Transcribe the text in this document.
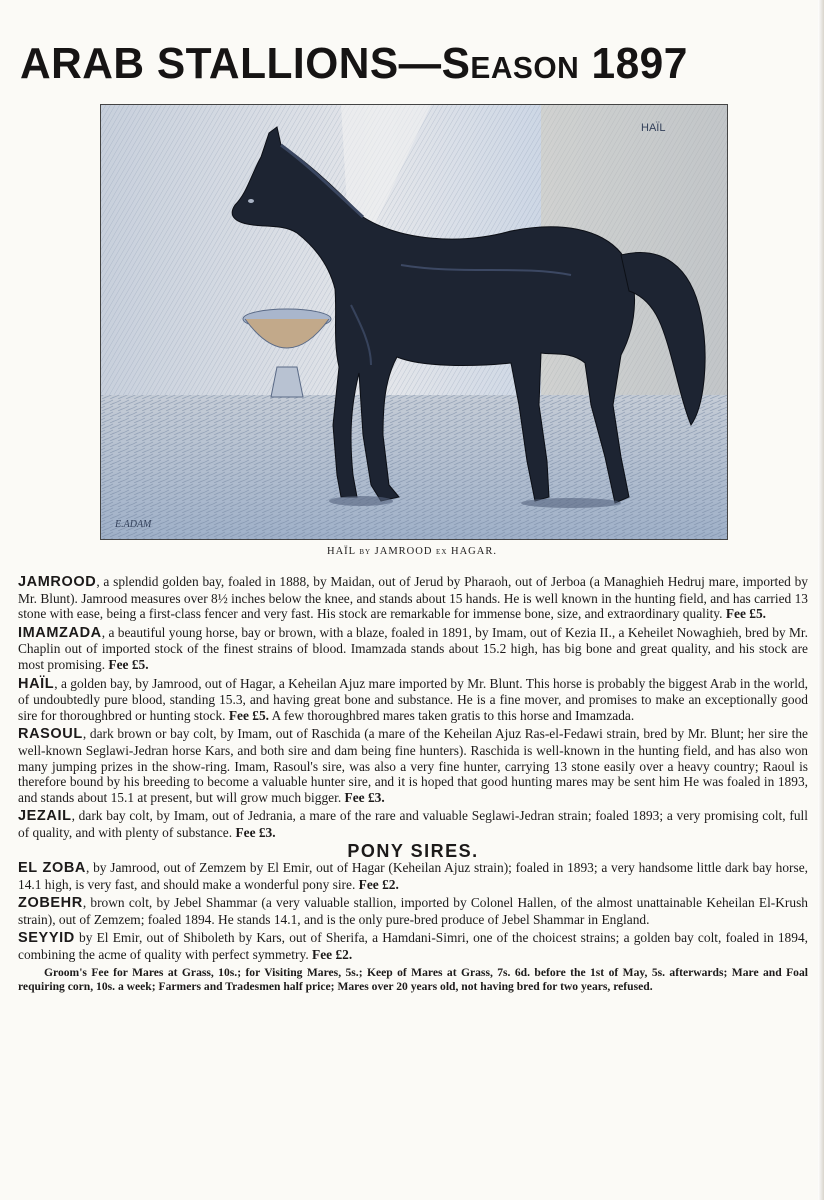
ARAB STALLIONS—Season 1897
HAÏL
E.ADAM
HAÏL by JAMROOD ex HAGAR.

JAMROOD, a splendid golden bay, foaled in 1888, by Maidan, out of Jerud by Pharaoh, out of Jerboa (a Managhieh Hedruj mare, imported by Mr. Blunt). Jamrood measures over 8½ inches below the knee, and stands about 15 hands. He is well known in the hunting field, and has carried 13 stone with ease, being a first-class fencer and very fast. His stock are remarkable for immense bone, size, and extraordinary quality. Fee £5.

IMAMZADA, a beautiful young horse, bay or brown, with a blaze, foaled in 1891, by Imam, out of Kezia II., a Keheilet Nowaghieh, bred by Mr. Chaplin out of imported stock of the finest strains of blood. Imamzada stands about 15.2 high, has big bone and great quality, and his stock are most promising. Fee £5.

HAÏL, a golden bay, by Jamrood, out of Hagar, a Keheilan Ajuz mare imported by Mr. Blunt. This horse is probably the biggest Arab in the world, of undoubtedly pure blood, standing 15.3, and having great bone and substance. He is a fine mover, and promises to make an exceptionally good sire for thoroughbred or hunting stock. Fee £5. A few thoroughbred mares taken gratis to this horse and Imamzada.

RASOUL, dark brown or bay colt, by Imam, out of Raschida (a mare of the Keheilan Ajuz Ras-el-Fedawi strain, bred by Mr. Blunt; her sire the well-known Seglawi-Jedran horse Kars, and both sire and dam being fine hunters). Raschida is well-known in the hunting field, and has also won many jumping prizes in the show-ring. Imam, Rasoul's sire, was also a very fine hunter, carrying 13 stone easily over a heavy country; Raoul is therefore bound by his breeding to become a valuable hunter sire, and it is hoped that good hunting mares may be sent him He was foaled in 1893, and stands about 15.1 at present, but will grow much bigger. Fee £3.

JEZAIL, dark bay colt, by Imam, out of Jedrania, a mare of the rare and valuable Seglawi-Jedran strain; foaled 1893; a very promising colt, full of quality, and with plenty of substance. Fee £3.

PONY SIRES.

EL ZOBA, by Jamrood, out of Zemzem by El Emir, out of Hagar (Keheilan Ajuz strain); foaled in 1893; a very handsome little dark bay horse, 14.1 high, is very fast, and should make a wonderful pony sire. Fee £2.

ZOBEHR, brown colt, by Jebel Shammar (a very valuable stallion, imported by Colonel Hallen, of the almost unattainable Keheilan El-Krush strain), out of Zemzem; foaled 1894. He stands 14.1, and is the only pure-bred produce of Jebel Shammar in England.

SEYYID by El Emir, out of Shiboleth by Kars, out of Sherifa, a Hamdani-Simri, one of the choicest strains; a golden bay colt, foaled in 1894, combining the acme of quality with perfect symmetry. Fee £2.

Groom's Fee for Mares at Grass, 10s.; for Visiting Mares, 5s.; Keep of Mares at Grass, 7s. 6d. before the 1st of May, 5s. afterwards; Mare and Foal requiring corn, 10s. a week; Farmers and Tradesmen half price; Mares over 20 years old, not having bred for two years, refused.
